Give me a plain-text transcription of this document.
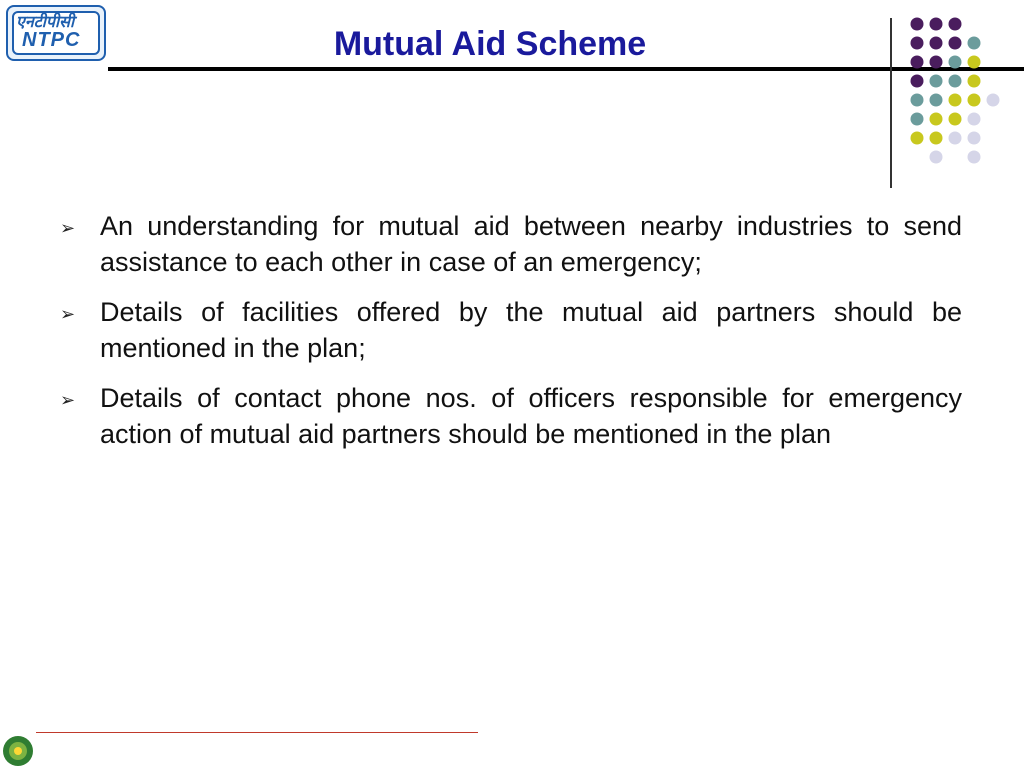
एनटीपीसी
NTPC	Mutual Aid Scheme
➢ An understanding for mutual aid between nearby industries to send assistance to each other in case of an emergency;
➢ Details of facilities offered by the mutual aid partners should be mentioned in the plan;
➢ Details of contact phone nos. of officers responsible for emergency action of mutual aid partners should be mentioned in the plan
